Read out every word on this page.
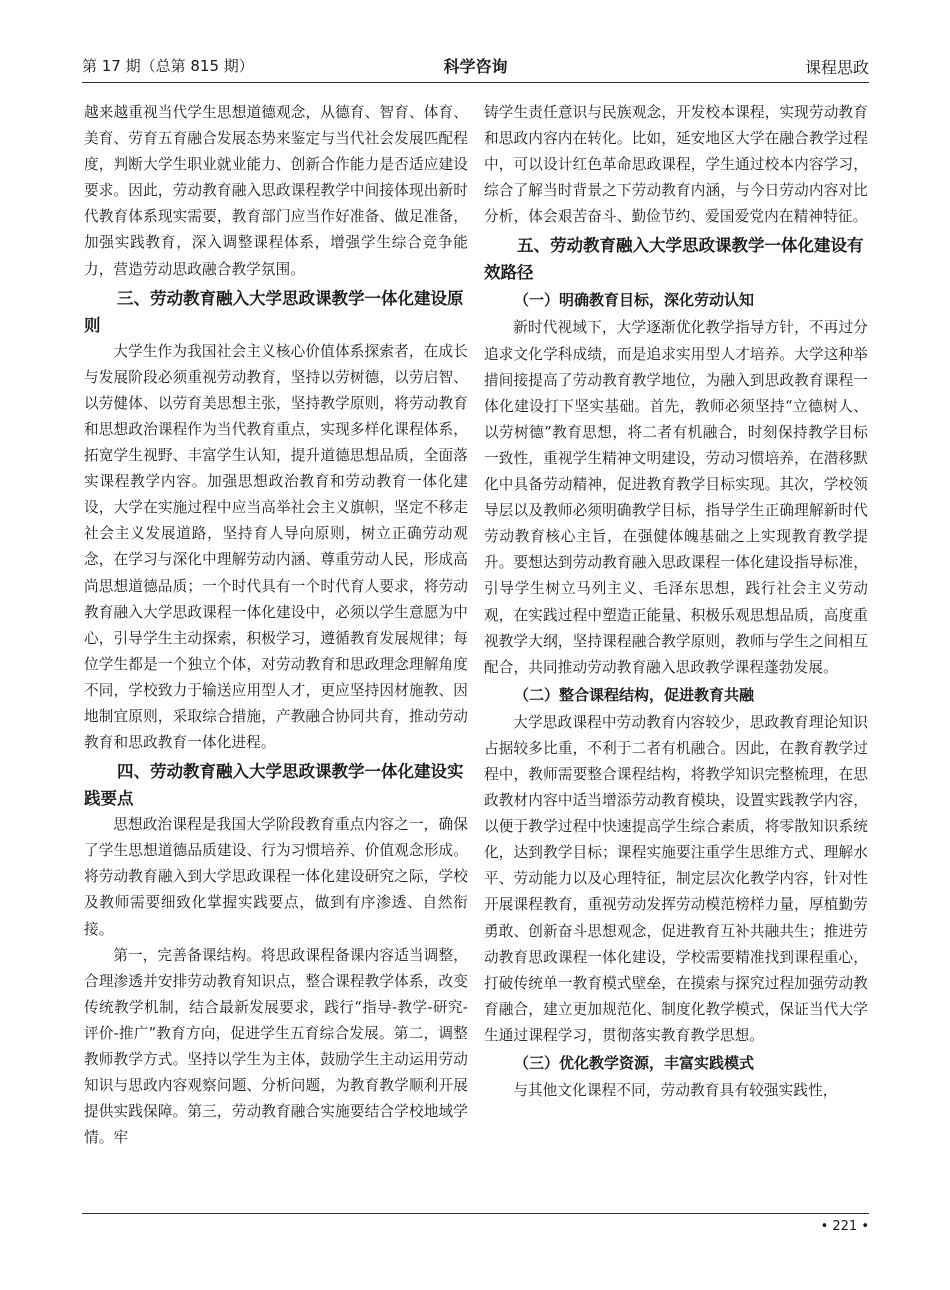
第 17 期（总第 815 期）	科学咨询	课程思政

越来越重视当代学生思想道德观念，从德育、智育、体育、美育、劳育五育融合发展态势来鉴定与当代社会发展匹配程度，判断大学生职业就业能力、创新合作能力是否适应建设要求。因此，劳动教育融入思政课程教学中间接体现出新时代教育体系现实需要，教育部门应当作好准备、做足准备，加强实践教育，深入调整课程体系，增强学生综合竞争能力，营造劳动思政融合教学氛围。

三、劳动教育融入大学思政课教学一体化建设原则

大学生作为我国社会主义核心价值体系探索者，在成长与发展阶段必须重视劳动教育，坚持以劳树德，以劳启智、以劳健体、以劳育美思想主张，坚持教学原则，将劳动教育和思想政治课程作为当代教育重点，实现多样化课程体系，拓宽学生视野、丰富学生认知，提升道德思想品质，全面落实课程教学内容。加强思想政治教育和劳动教育一体化建设，大学在实施过程中应当高举社会主义旗帜，坚定不移走社会主义发展道路，坚持育人导向原则，树立正确劳动观念，在学习与深化中理解劳动内涵、尊重劳动人民，形成高尚思想道德品质；一个时代具有一个时代育人要求，将劳动教育融入大学思政课程一体化建设中，必须以学生意愿为中心，引导学生主动探索，积极学习，遵循教育发展规律；每位学生都是一个独立个体，对劳动教育和思政理念理解角度不同，学校致力于输送应用型人才，更应坚持因材施教、因地制宜原则，采取综合措施，产教融合协同共育，推动劳动教育和思政教育一体化进程。

四、劳动教育融入大学思政课教学一体化建设实践要点

思想政治课程是我国大学阶段教育重点内容之一，确保了学生思想道德品质建设、行为习惯培养、价值观念形成。将劳动教育融入到大学思政课程一体化建设研究之际，学校及教师需要细致化掌握实践要点，做到有序渗透、自然衔接。

第一，完善备课结构。将思政课程备课内容适当调整，合理渗透并安排劳动教育知识点，整合课程教学体系，改变传统教学机制，结合最新发展要求，践行“指导-教学-研究-评价-推广”教育方向，促进学生五育综合发展。第二，调整教师教学方式。坚持以学生为主体，鼓励学生主动运用劳动知识与思政内容观察问题、分析问题，为教育教学顺利开展提供实践保障。第三，劳动教育融合实施要结合学校地域学情。牢

铸学生责任意识与民族观念，开发校本课程，实现劳动教育和思政内容内在转化。比如，延安地区大学在融合教学过程中，可以设计红色革命思政课程，学生通过校本内容学习，综合了解当时背景之下劳动教育内涵，与今日劳动内容对比分析，体会艰苦奋斗、勤俭节约、爱国爱党内在精神特征。

五、劳动教育融入大学思政课教学一体化建设有效路径

（一）明确教育目标，深化劳动认知

新时代视域下，大学逐渐优化教学指导方针，不再过分追求文化学科成绩，而是追求实用型人才培养。大学这种举措间接提高了劳动教育教学地位，为融入到思政教育课程一体化建设打下坚实基础。首先，教师必须坚持“立德树人、以劳树德”教育思想，将二者有机融合，时刻保持教学目标一致性，重视学生精神文明建设，劳动习惯培养，在潜移默化中具备劳动精神，促进教育教学目标实现。其次，学校领导层以及教师必须明确教学目标，指导学生正确理解新时代劳动教育核心主旨，在强健体魄基础之上实现教育教学提升。要想达到劳动教育融入思政课程一体化建设指导标准，引导学生树立马列主义、毛泽东思想，践行社会主义劳动观，在实践过程中塑造正能量、积极乐观思想品质，高度重视教学大纲，坚持课程融合教学原则，教师与学生之间相互配合，共同推动劳动教育融入思政教学课程蓬勃发展。

（二）整合课程结构，促进教育共融

大学思政课程中劳动教育内容较少，思政教育理论知识占据较多比重，不利于二者有机融合。因此，在教育教学过程中，教师需要整合课程结构，将教学知识完整梳理，在思政教材内容中适当增添劳动教育模块，设置实践教学内容，以便于教学过程中快速提高学生综合素质，将零散知识系统化，达到教学目标；课程实施要注重学生思维方式、理解水平、劳动能力以及心理特征，制定层次化教学内容，针对性开展课程教育，重视劳动发挥劳动模范榜样力量，厚植勤劳勇敢、创新奋斗思想观念，促进教育互补共融共生；推进劳动教育思政课程一体化建设，学校需要精准找到课程重心，打破传统单一教育模式壁垒，在摸索与探究过程加强劳动教育融合，建立更加规范化、制度化教学模式，保证当代大学生通过课程学习，贯彻落实教育教学思想。

（三）优化教学资源，丰富实践模式

与其他文化课程不同，劳动教育具有较强实践性，

• 221 •
